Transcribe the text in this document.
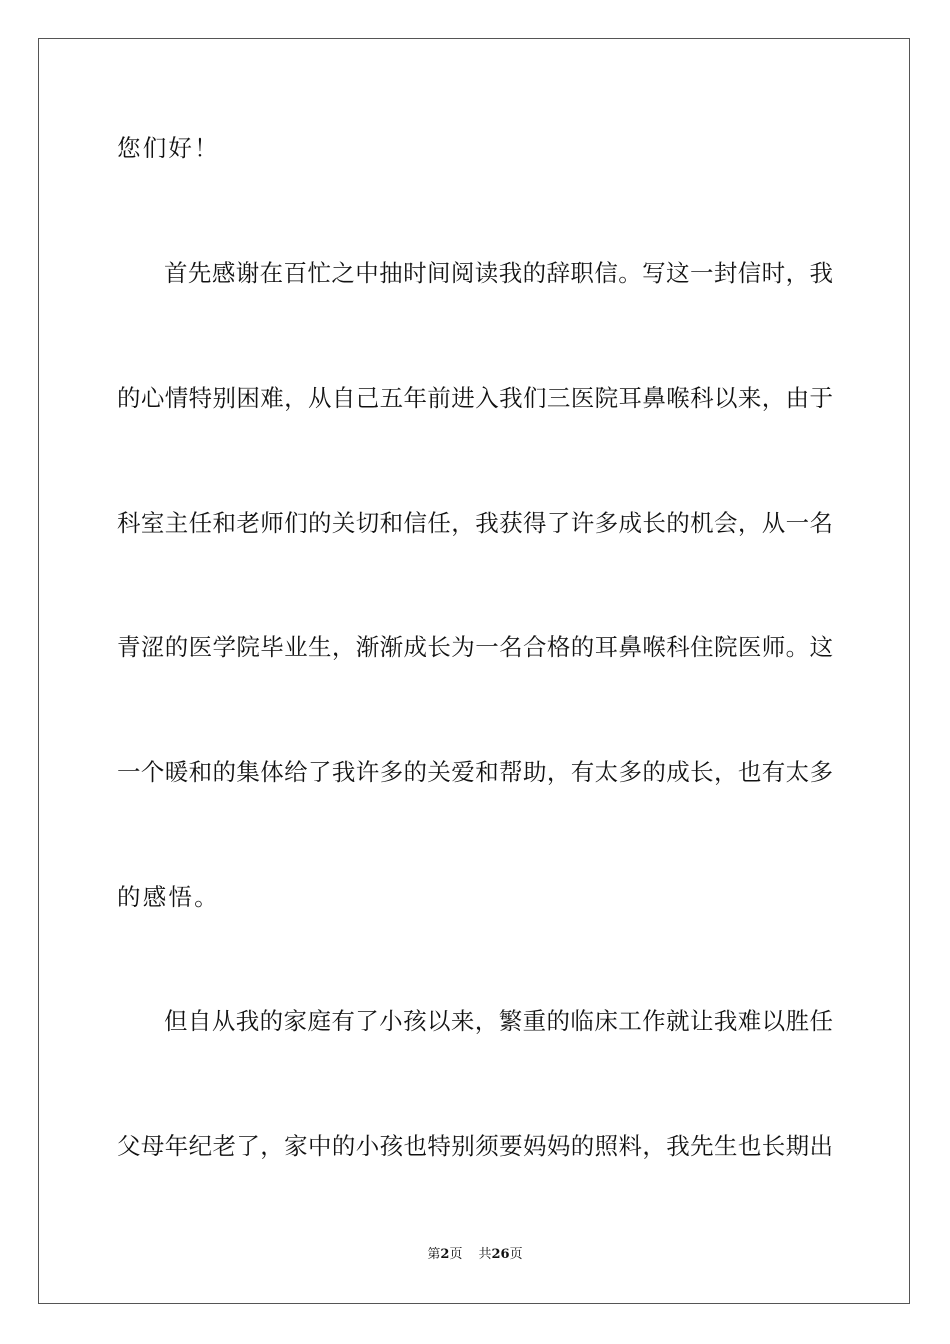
您们好！
首先感谢在百忙之中抽时间阅读我的辞职信。写这一封信时，我
的心情特别困难，从自己五年前进入我们三医院耳鼻喉科以来，由于
科室主任和老师们的关切和信任，我获得了许多成长的机会，从一名
青涩的医学院毕业生，渐渐成长为一名合格的耳鼻喉科住院医师。这
一个暖和的集体给了我许多的关爱和帮助，有太多的成长，也有太多
的感悟。
但自从我的家庭有了小孩以来，繁重的临床工作就让我难以胜任
父母年纪老了，家中的小孩也特别须要妈妈的照料，我先生也长期出
第2页 共26页
